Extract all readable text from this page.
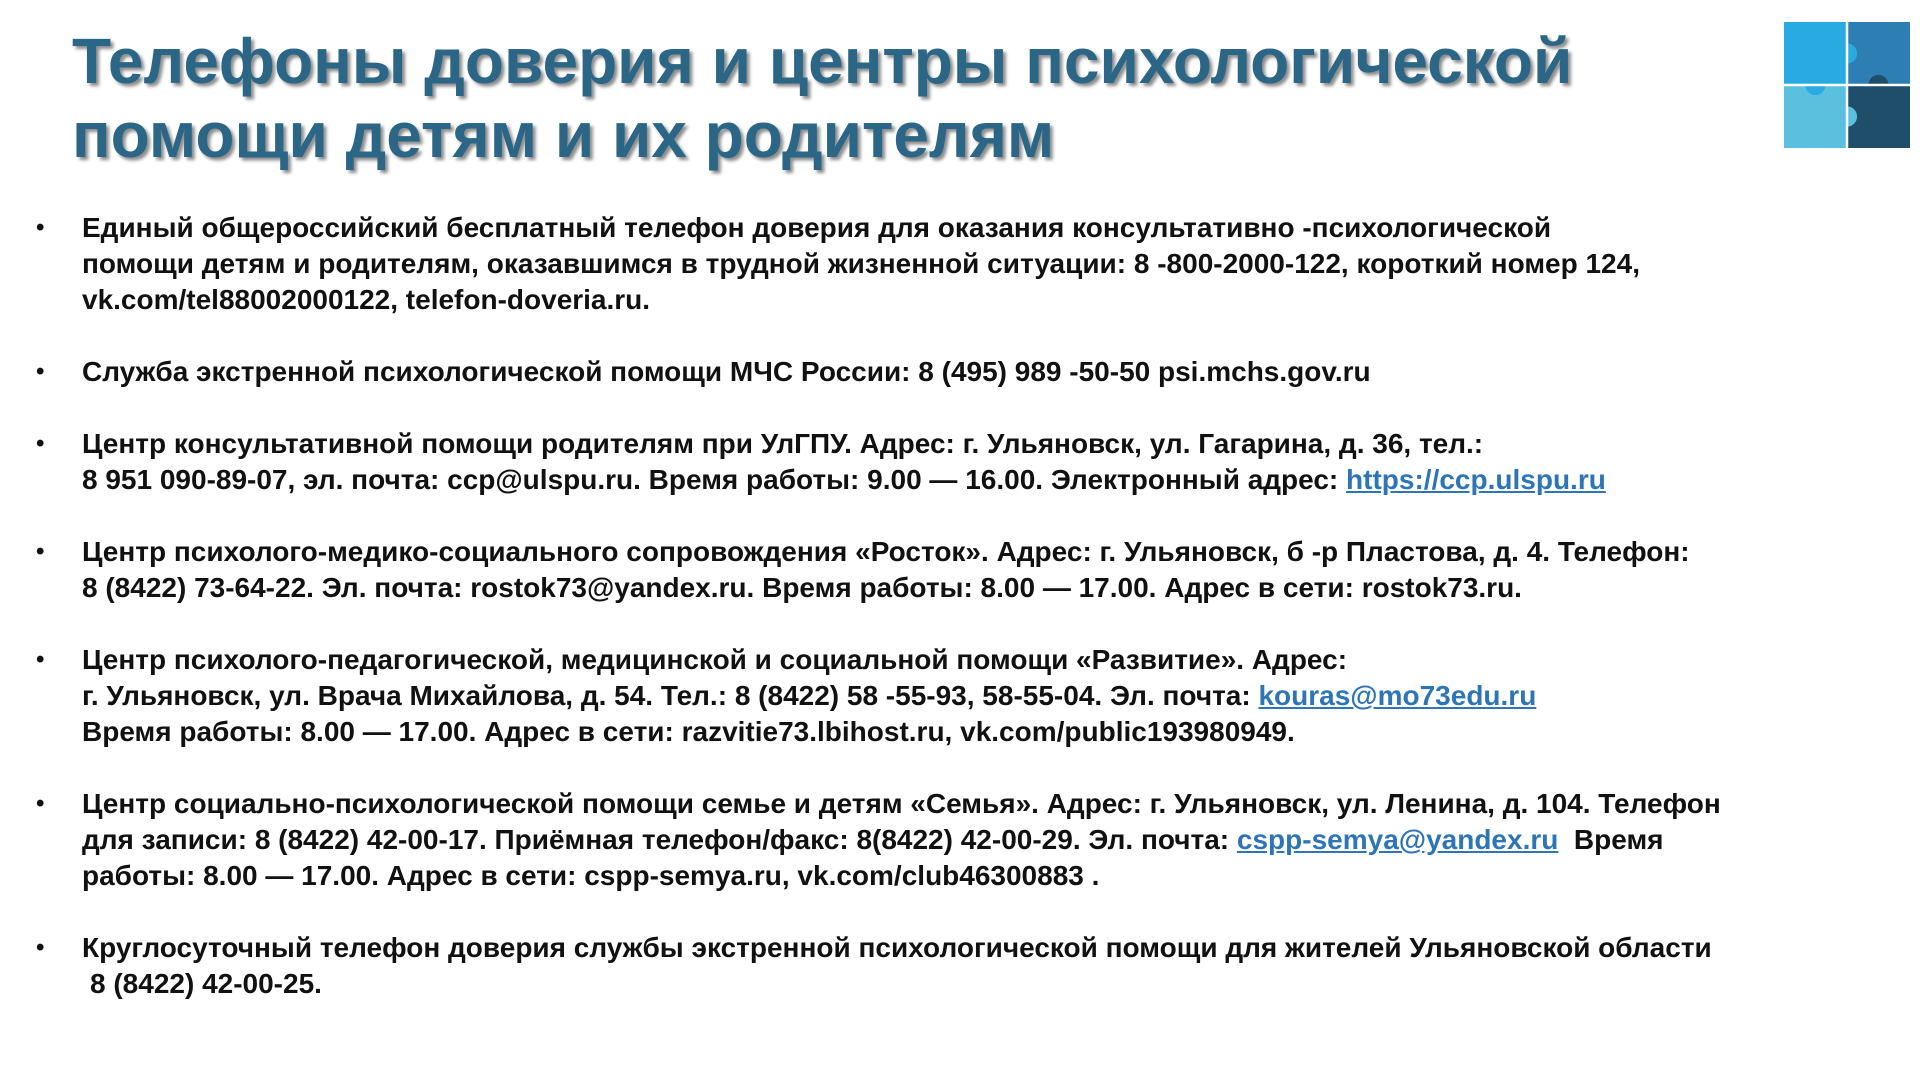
Телефоны доверия и центры психологической
помощи детям и их родителям
•	Единый общероссийский бесплатный телефон доверия для оказания консультативно -психологической
помощи детям и родителям, оказавшимся в трудной жизненной ситуации: 8 -800-2000-122, короткий номер 124,
vk.com/tel88002000122, telefon-doveria.ru.
•	Служба экстренной психологической помощи МЧС России: 8 (495) 989 -50-50 psi.mchs.gov.ru
•	Центр консультативной помощи родителям при УлГПУ. Адрес: г. Ульяновск, ул. Гагарина, д. 36, тел.:
8 951 090-89-07, эл. почта: ccp@ulspu.ru. Время работы: 9.00 — 16.00. Электронный адрес: https://ccp.ulspu.ru
•	Центр психолого-медико-социального сопровождения «Росток». Адрес: г. Ульяновск, б -р Пластова, д. 4. Телефон:
8 (8422) 73-64-22. Эл. почта: rostok73@yandex.ru. Время работы: 8.00 — 17.00. Адрес в сети: rostok73.ru.
•	Центр психолого-педагогической, медицинской и социальной помощи «Развитие». Адрес:
г. Ульяновск, ул. Врача Михайлова, д. 54. Тел.: 8 (8422) 58 -55-93, 58-55-04. Эл. почта: kouras@mo73edu.ru
Время работы: 8.00 — 17.00. Адрес в сети: razvitie73.lbihost.ru, vk.com/public193980949.
•	Центр социально-психологической помощи семье и детям «Семья». Адрес: г. Ульяновск, ул. Ленина, д. 104. Телефон
для записи: 8 (8422) 42-00-17. Приёмная телефон/факс: 8(8422) 42-00-29. Эл. почта: cspp-semya@yandex.ru  Время
работы: 8.00 — 17.00. Адрес в сети: cspp-semya.ru, vk.com/club46300883 .
•	Круглосуточный телефон доверия службы экстренной психологической помощи для жителей Ульяновской области
8 (8422) 42-00-25.
